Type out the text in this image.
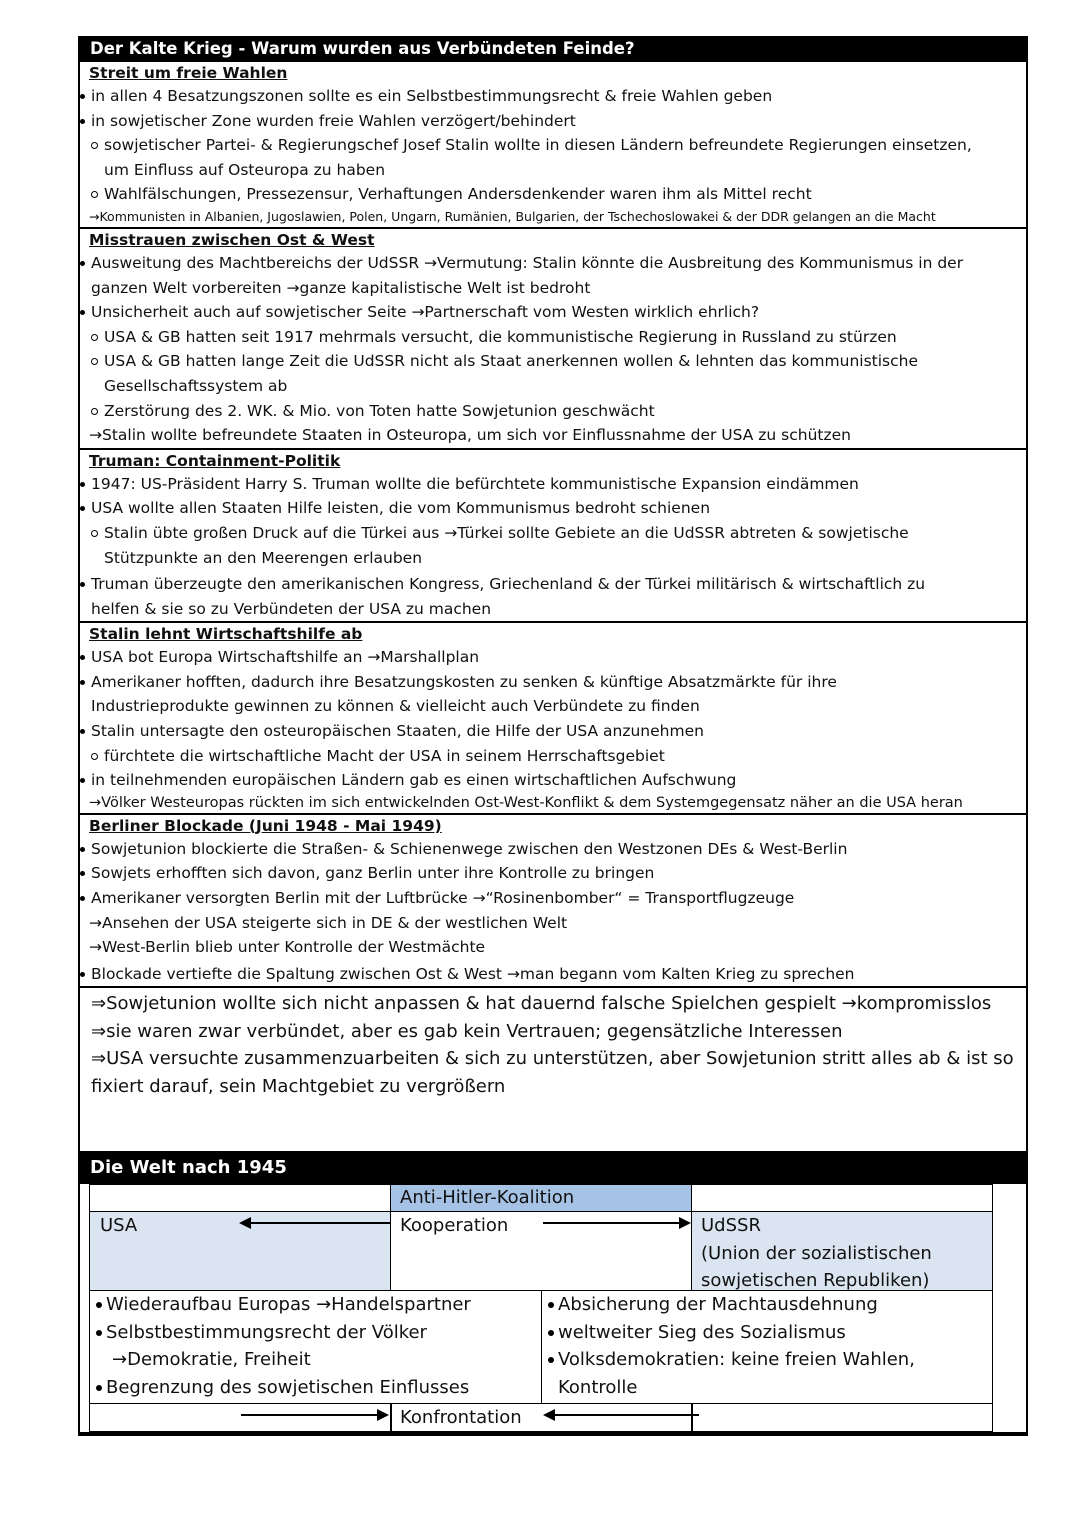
Der Kalte Krieg - Warum wurden aus Verbündeten Feinde?
Streit um freie Wahlen
in allen 4 Besatzungszonen sollte es ein Selbstbestimmungsrecht & freie Wahlen geben
in sowjetischer Zone wurden freie Wahlen verzögert/behindert
sowjetischer Partei- & Regierungschef Josef Stalin wollte in diesen Ländern befreundete Regierungen einsetzen,
um Einfluss auf Osteuropa zu haben
Wahlfälschungen, Pressezensur, Verhaftungen Andersdenkender waren ihm als Mittel recht
→Kommunisten in Albanien, Jugoslawien, Polen, Ungarn, Rumänien, Bulgarien, der Tschechoslowakei & der DDR gelangen an die Macht
Misstrauen zwischen Ost & West
Ausweitung des Machtbereichs der UdSSR →Vermutung: Stalin könnte die Ausbreitung des Kommunismus in der
ganzen Welt vorbereiten →ganze kapitalistische Welt ist bedroht
Unsicherheit auch auf sowjetischer Seite →Partnerschaft vom Westen wirklich ehrlich?
USA & GB hatten seit 1917 mehrmals versucht, die kommunistische Regierung in Russland zu stürzen
USA & GB hatten lange Zeit die UdSSR nicht als Staat anerkennen wollen & lehnten das kommunistische
Gesellschaftssystem ab
Zerstörung des 2. WK. & Mio. von Toten hatte Sowjetunion geschwächt
→Stalin wollte befreundete Staaten in Osteuropa, um sich vor Einflussnahme der USA zu schützen
Truman: Containment-Politik
1947: US-Präsident Harry S. Truman wollte die befürchtete kommunistische Expansion eindämmen
USA wollte allen Staaten Hilfe leisten, die vom Kommunismus bedroht schienen
Stalin übte großen Druck auf die Türkei aus →Türkei sollte Gebiete an die UdSSR abtreten & sowjetische
Stützpunkte an den Meerengen erlauben
Truman überzeugte den amerikanischen Kongress, Griechenland & der Türkei militärisch & wirtschaftlich zu
helfen & sie so zu Verbündeten der USA zu machen
Stalin lehnt Wirtschaftshilfe ab
USA bot Europa Wirtschaftshilfe an →Marshallplan
Amerikaner hofften, dadurch ihre Besatzungskosten zu senken & künftige Absatzmärkte für ihre
Industrieprodukte gewinnen zu können & vielleicht auch Verbündete zu finden
Stalin untersagte den osteuropäischen Staaten, die Hilfe der USA anzunehmen
fürchtete die wirtschaftliche Macht der USA in seinem Herrschaftsgebiet
in teilnehmenden europäischen Ländern gab es einen wirtschaftlichen Aufschwung
→Völker Westeuropas rückten im sich entwickelnden Ost-West-Konflikt & dem Systemgegensatz näher an die USA heran
Berliner Blockade (Juni 1948 - Mai 1949)
Sowjetunion blockierte die Straßen- & Schienenwege zwischen den Westzonen DEs & West-Berlin
Sowjets erhofften sich davon, ganz Berlin unter ihre Kontrolle zu bringen
Amerikaner versorgten Berlin mit der Luftbrücke →“Rosinenbomber“ = Transportflugzeuge
→Ansehen der USA steigerte sich in DE & der westlichen Welt
→West-Berlin blieb unter Kontrolle der Westmächte
Blockade vertiefte die Spaltung zwischen Ost & West →man begann vom Kalten Krieg zu sprechen
⇒Sowjetunion wollte sich nicht anpassen & hat dauernd falsche Spielchen gespielt →kompromisslos
⇒sie waren zwar verbündet, aber es gab kein Vertrauen; gegensätzliche Interessen
⇒USA versuchte zusammenzuarbeiten & sich zu unterstützen, aber Sowjetunion stritt alles ab & ist so
fixiert darauf, sein Machtgebiet zu vergrößern
Die Welt nach 1945
Anti-Hitler-Koalition
USA	Kooperation	UdSSR
(Union der sozialistischen
sowjetischen Republiken)
Wiederaufbau Europas →Handelspartner
Selbstbestimmungsrecht der Völker
→Demokratie, Freiheit
Begrenzung des sowjetischen Einflusses
Absicherung der Machtausdehnung
weltweiter Sieg des Sozialismus
Volksdemokratien: keine freien Wahlen,
Kontrolle
Konfrontation
